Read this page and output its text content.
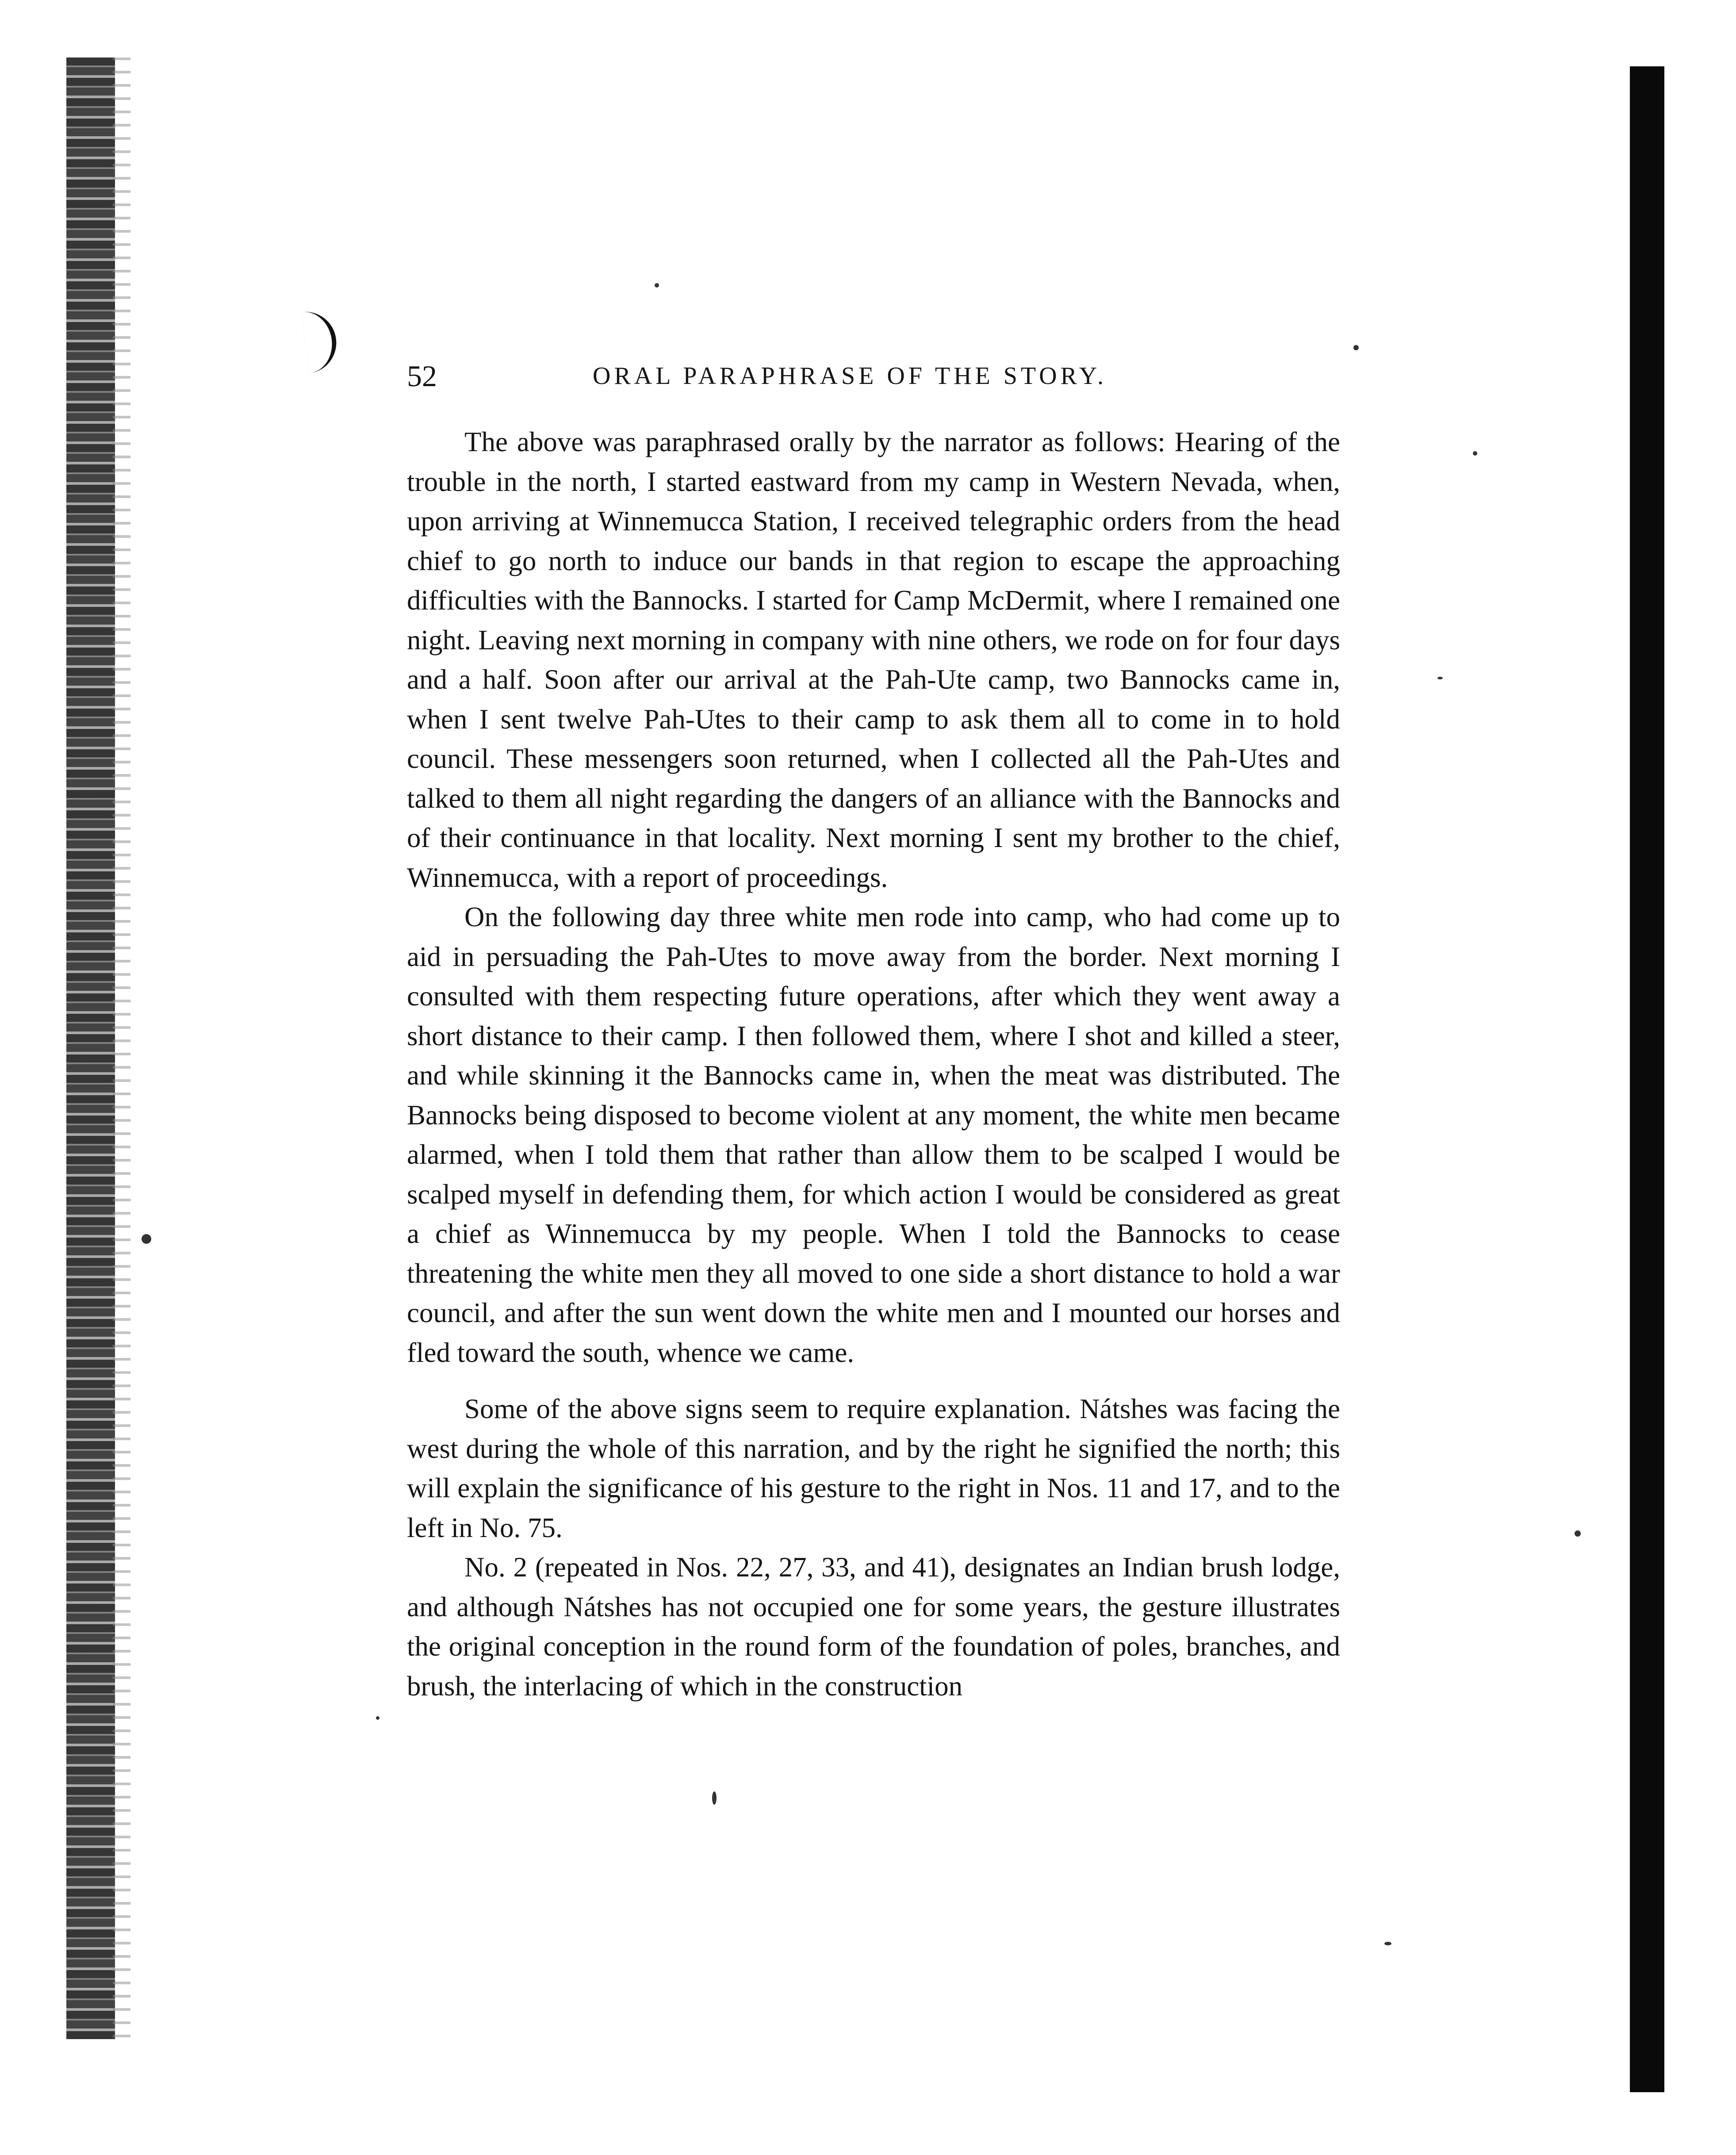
52	ORAL PARAPHRASE OF THE STORY.

The above was paraphrased orally by the narrator as follows: Hearing of the trouble in the north, I started eastward from my camp in Western Nevada, when, upon arriving at Winnemucca Station, I received telegraphic orders from the head chief to go north to induce our bands in that region to escape the approaching difficulties with the Bannocks. I started for Camp McDermit, where I remained one night. Leaving next morning in company with nine others, we rode on for four days and a half. Soon after our arrival at the Pah-Ute camp, two Bannocks came in, when I sent twelve Pah-Utes to their camp to ask them all to come in to hold council. These messengers soon returned, when I collected all the Pah-Utes and talked to them all night regarding the dangers of an alliance with the Bannocks and of their continuance in that locality. Next morning I sent my brother to the chief, Winnemucca, with a report of proceedings.

On the following day three white men rode into camp, who had come up to aid in persuading the Pah-Utes to move away from the border. Next morning I consulted with them respecting future operations, after which they went away a short distance to their camp. I then followed them, where I shot and killed a steer, and while skinning it the Bannocks came in, when the meat was distributed. The Bannocks being disposed to become violent at any moment, the white men became alarmed, when I told them that rather than allow them to be scalped I would be scalped myself in defending them, for which action I would be considered as great a chief as Winnemucca by my people. When I told the Bannocks to cease threatening the white men they all moved to one side a short distance to hold a war council, and after the sun went down the white men and I mounted our horses and fled toward the south, whence we came.

Some of the above signs seem to require explanation. Nátshes was facing the west during the whole of this narration, and by the right he signified the north; this will explain the significance of his gesture to the right in Nos. 11 and 17, and to the left in No. 75.

No. 2 (repeated in Nos. 22, 27, 33, and 41), designates an Indian brush lodge, and although Nátshes has not occupied one for some years, the gesture illustrates the original conception in the round form of the foundation of poles, branches, and brush, the interlacing of which in the construction
